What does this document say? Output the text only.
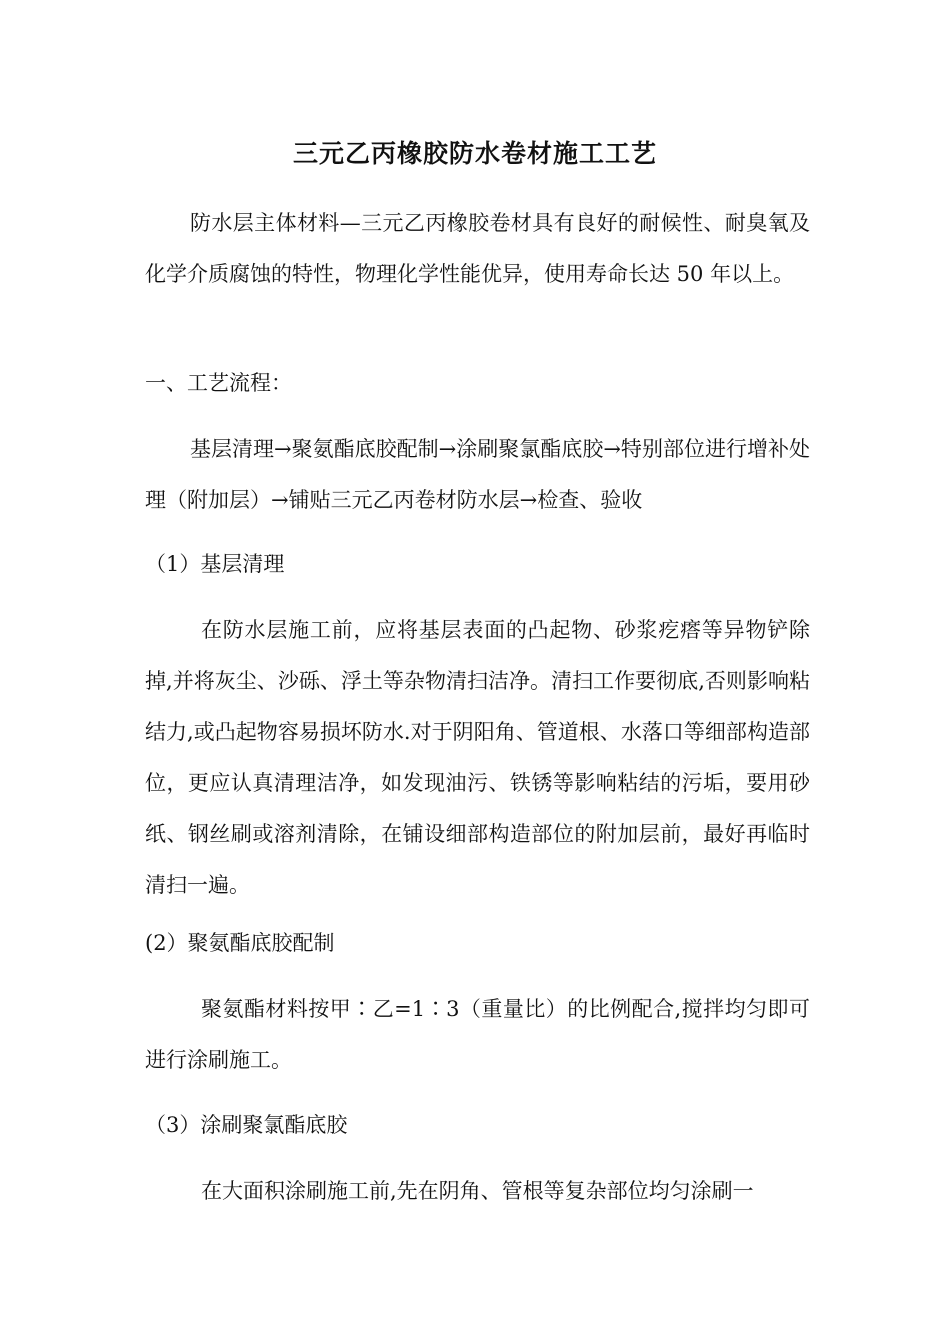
三元乙丙橡胶防水卷材施工工艺
防水层主体材料—三元乙丙橡胶卷材具有良好的耐候性、耐臭氧及化学介质腐蚀的特性，物理化学性能优异，使用寿命长达 50 年以上。
一、工艺流程：
基层清理→聚氨酯底胶配制→涂刷聚氯酯底胶→特别部位进行增补处理（附加层）→铺贴三元乙丙卷材防水层→检查、验收
（1）基层清理
在防水层施工前，应将基层表面的凸起物、砂浆疙瘩等异物铲除掉,并将灰尘、沙砾、浮土等杂物清扫洁净。清扫工作要彻底,否则影响粘结力,或凸起物容易损坏防水.对于阴阳角、管道根、水落口等细部构造部位，更应认真清理洁净，如发现油污、铁锈等影响粘结的污垢，要用砂纸、钢丝刷或溶剂清除，在铺设细部构造部位的附加层前，最好再临时清扫一遍。
(2）聚氨酯底胶配制
聚氨酯材料按甲∶乙=1∶3（重量比）的比例配合,搅拌均匀即可进行涂刷施工。
（3）涂刷聚氯酯底胶
在大面积涂刷施工前,先在阴角、管根等复杂部位均匀涂刷一
